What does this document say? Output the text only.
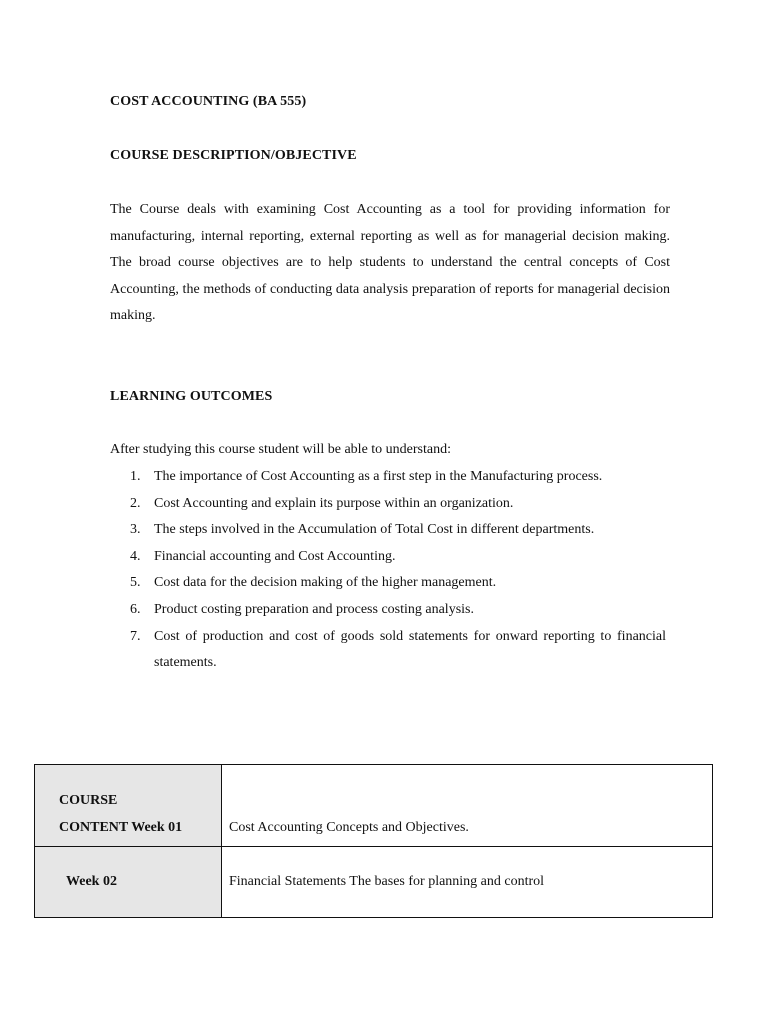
COST ACCOUNTING (BA 555)
COURSE DESCRIPTION/OBJECTIVE

The Course deals with examining Cost Accounting as a tool for providing information for manufacturing, internal reporting, external reporting as well as for managerial decision making. The broad course objectives are to help students to understand the central concepts of Cost Accounting, the methods of conducting data analysis preparation of reports for managerial decision making.

LEARNING OUTCOMES

After studying this course student will be able to understand:

1. The importance of Cost Accounting as a first step in the Manufacturing process.
2. Cost Accounting and explain its purpose within an organization.
3. The steps involved in the Accumulation of Total Cost in different departments.
4. Financial accounting and Cost Accounting.
5. Cost data for the decision making of the higher management.
6. Product costing preparation and process costing analysis.
7. Cost of production and cost of goods sold statements for onward reporting to financial statements.
COURSE
CONTENT Week 01	Cost Accounting Concepts and Objectives.

Week 02	Financial Statements The bases for planning and control
